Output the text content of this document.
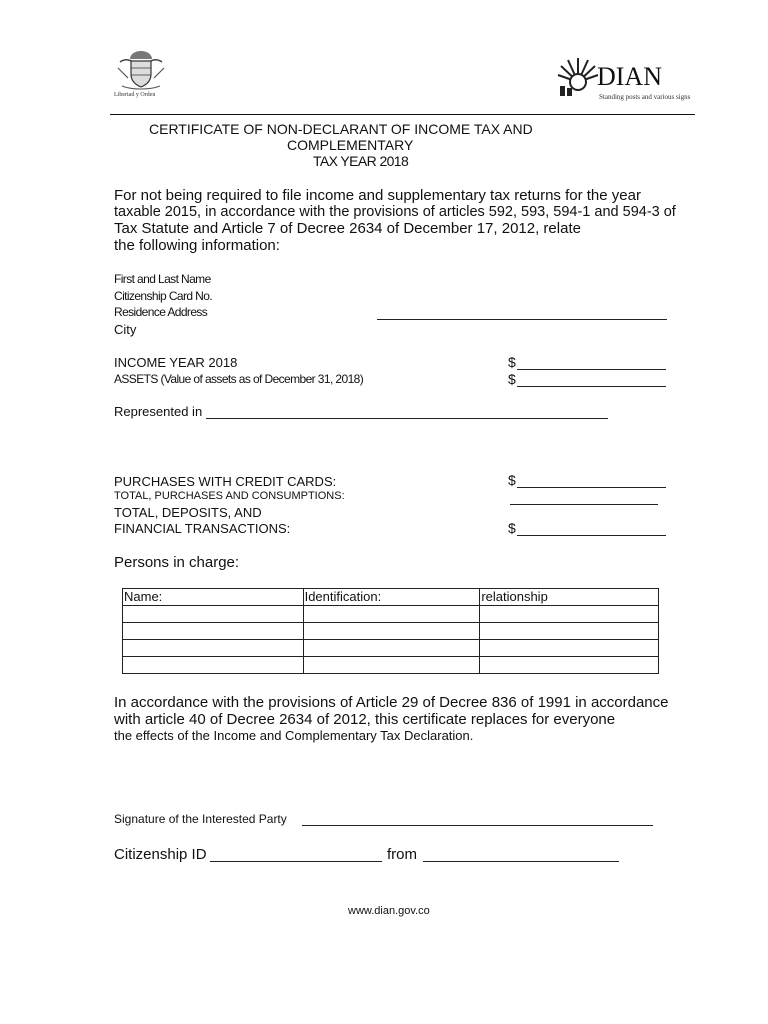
Libertad y Orden
DIAN
Standing posts and various signs
CERTIFICATE OF NON-DECLARANT OF INCOME TAX AND
COMPLEMENTARY
TAX YEAR 2018
For not being required to file income and supplementary tax returns for the year
taxable 2015, in accordance with the provisions of articles 592, 593, 594-1 and 594-3 of
Tax Statute and Article 7 of Decree 2634 of December 17, 2012, relate
the following information:
First and Last Name
Citizenship Card No.
Residence Address
City
INCOME YEAR 2018	$
ASSETS (Value of assets as of December 31, 2018)	$
Represented in
PURCHASES WITH CREDIT CARDS:	$
TOTAL, PURCHASES AND CONSUMPTIONS:
TOTAL, DEPOSITS, AND
FINANCIAL TRANSACTIONS:	$
Persons in charge:
Name:	Identification:	relationship

In accordance with the provisions of Article 29 of Decree 836 of 1991 in accordance
with article 40 of Decree 2634 of 2012, this certificate replaces for everyone
the effects of the Income and Complementary Tax Declaration.
Signature of the Interested Party
Citizenship ID	from
www.dian.gov.co
